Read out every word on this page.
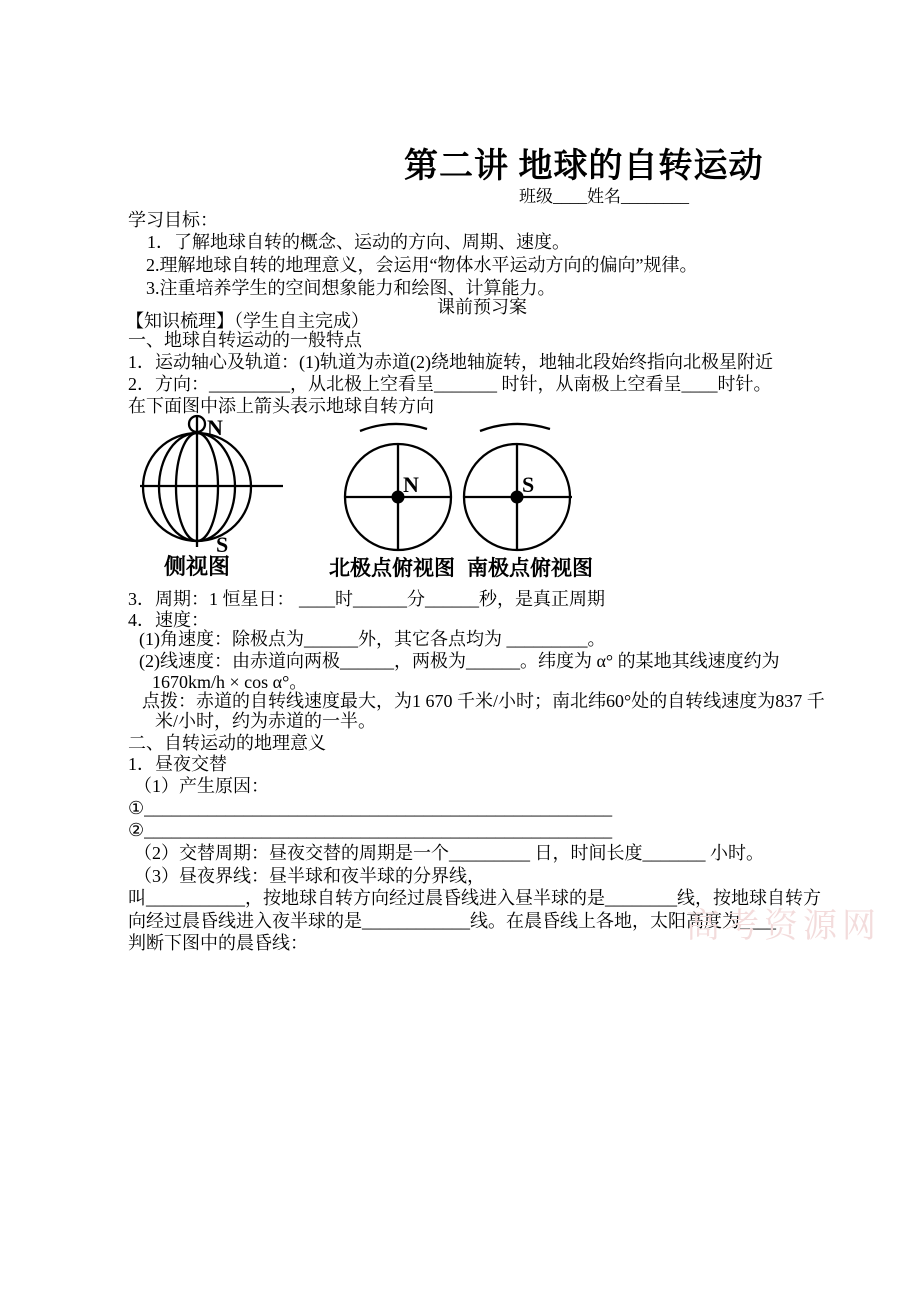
第二讲 地球的自转运动
班级____姓名________
学习目标：
1．了解地球自转的概念、运动的方向、周期、速度。
2.理解地球自转的地理意义，会运用“物体水平运动方向的偏向”规律。
3.注重培养学生的空间想象能力和绘图、计算能力。
课前预习案
【知识梳理】（学生自主完成）
一、地球自转运动的一般特点
1．运动轴心及轨道：(1)轨道为赤道(2)绕地轴旋转，地轴北段始终指向北极星附近
2．方向：_________，从北极上空看呈_______ 时针，从南极上空看呈____时针。
在下面图中添上箭头表示地球自转方向
N
S
侧视图
N
北极点俯视图
S
南极点俯视图
3．周期：1 恒星日： ____时______分______秒，是真正周期
4．速度：
(1)角速度：除极点为______外，其它各点均为 _________。
(2)线速度：由赤道向两极______，两极为______。纬度为 α° 的某地其线速度约为
1670km/h × cos α°。
点拨：赤道的自转线速度最大，为1 670 千米/小时；南北纬60°处的自转线速度为837 千
米/小时，约为赤道的一半。
二、自转运动的地理意义
1．昼夜交替
（1）产生原因：
①____________________________________________________
②____________________________________________________
（2）交替周期：昼夜交替的周期是一个_________ 日，时间长度_______ 小时。
（3）昼夜界线：昼半球和夜半球的分界线，
叫___________，按地球自转方向经过晨昏线进入昼半球的是________线，按地球自转方
向经过晨昏线进入夜半球的是____________线。在晨昏线上各地，太阳高度为____
判断下图中的晨昏线：	高考资源网
